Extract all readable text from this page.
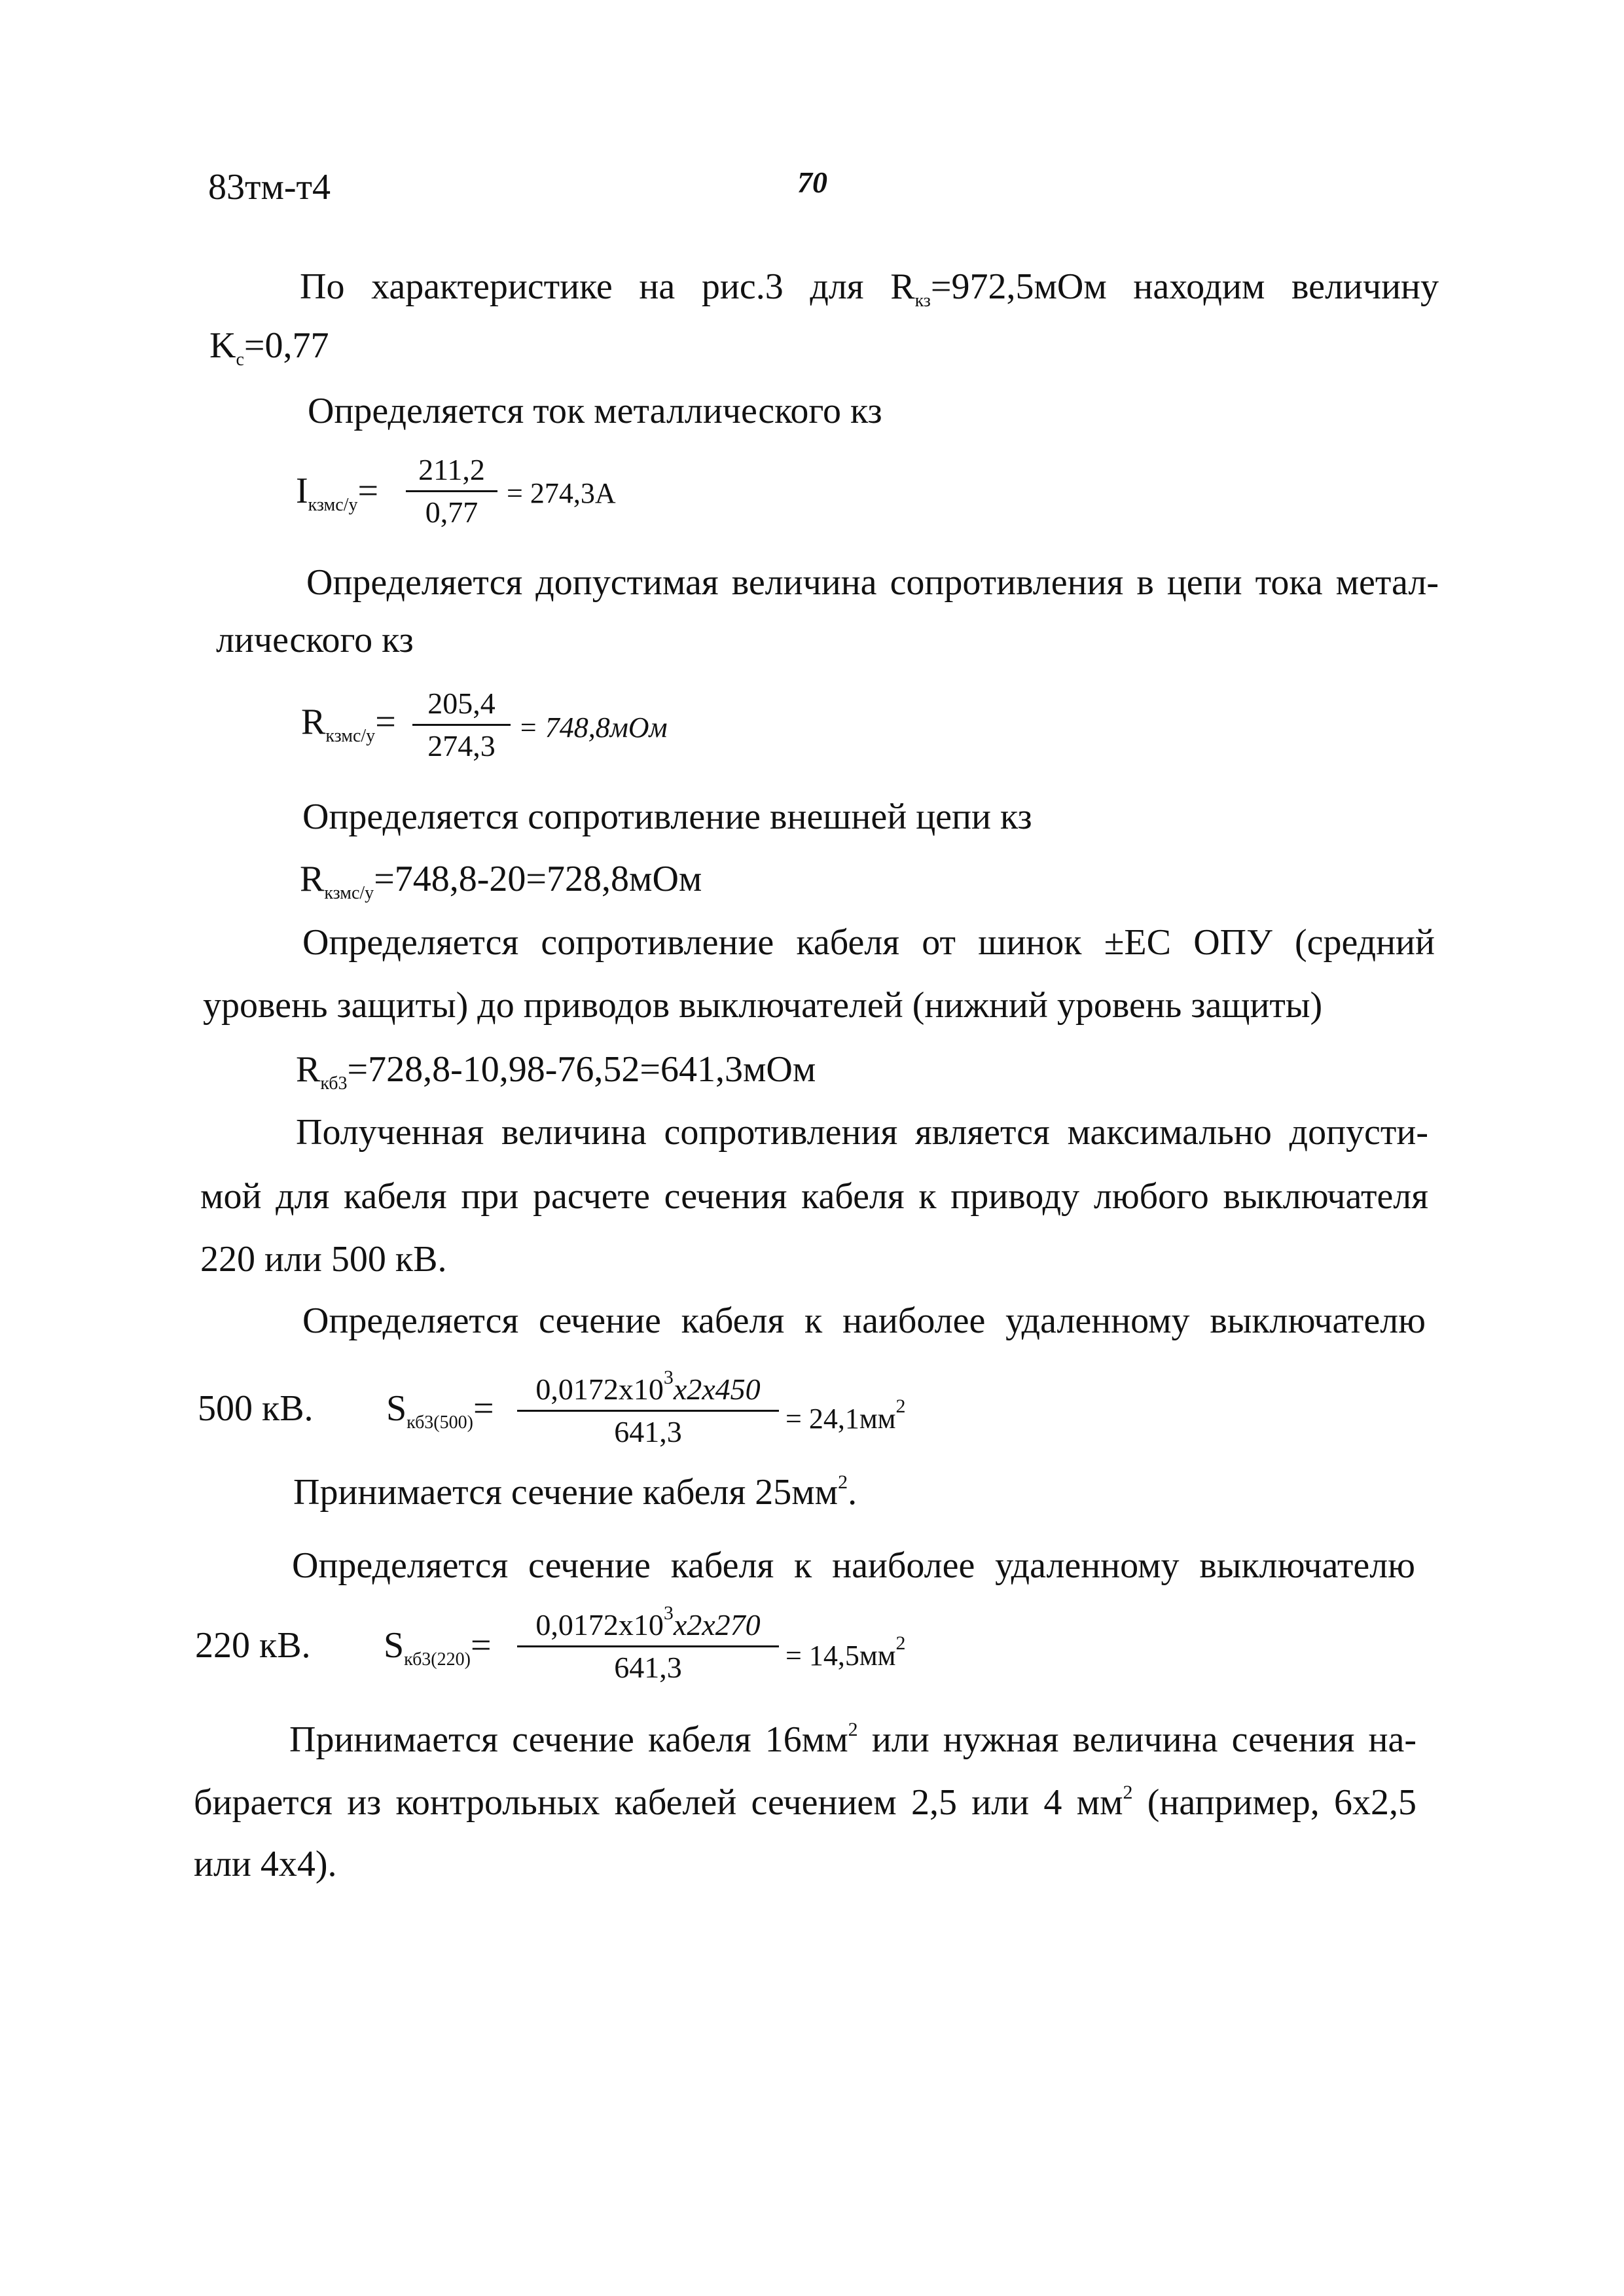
83тм-т4	70
По характеристике на рис.3 для $R_{кз}=972,5мОм$ находим величину
$K_с=0,77$
Определяется ток металлического кз
$I_{кзмс/у}=$
211,2
0,77
= 274,3A
Определяется допустимая величина сопротивления в цепи тока метал-
лического кз
$R_{кзмс/у}=$	205,4
274,3
= 748,8мОм
Определяется сопротивление внешней цепи кз
$R_{кзмс/у}=748,8-20=728,8мОм$
Определяется сопротивление кабеля от шинок ±ЕС ОПУ (средний
уровень защиты) до приводов выключателей (нижний уровень защиты)
$R_{кб3}=728,8-10,98-76,52=641,3мОм$
Полученная величина сопротивления является максимально допусти-
мой для кабеля при расчете сечения кабеля к приводу любого выключателя
220 или 500 кВ.
Определяется сечение кабеля к наиболее удаленному выключателю
500 кВ. $S_{кб3(500)}=$	$0,0172x10^3x2x450$
641,3	= $24,1мм^2$
Принимается сечение кабеля $25мм^2$.
Определяется сечение кабеля к наиболее удаленному выключателю
220 кВ. $S_{кб3(220)}=$
$0,0172x10^3x2x270$
641,3	= $14,5мм^2$
Принимается сечение кабеля $16мм^2$ или нужная величина сечения на-
бирается из контрольных кабелей сечением 2,5 или 4 $мм^2$ (например, 6х2,5
или 4х4).
